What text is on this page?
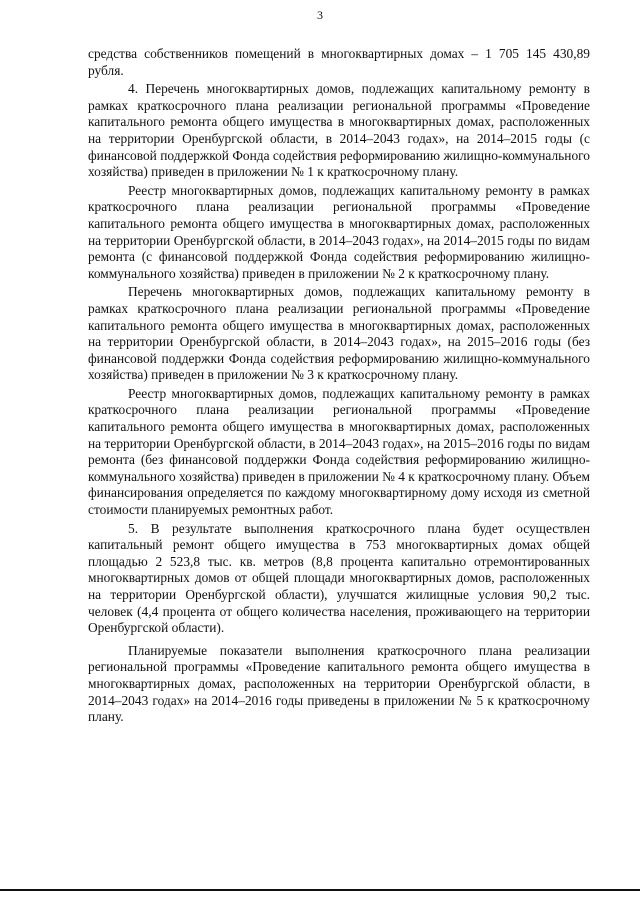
3

средства собственников помещений в многоквартирных домах – 1 705 145 430,89 рубля.

4. Перечень многоквартирных домов, подлежащих капитальному ремонту в рамках краткосрочного плана реализации региональной программы «Проведение капитального ремонта общего имущества в многоквартирных домах, расположенных на территории Оренбургской области, в 2014–2043 годах», на 2014–2015 годы (с финансовой поддержкой Фонда содействия реформированию жилищно-коммунального хозяйства) приведен в приложении № 1 к краткосрочному плану.

Реестр многоквартирных домов, подлежащих капитальному ремонту в рамках краткосрочного плана реализации региональной программы «Проведение капитального ремонта общего имущества в многоквартирных домах, расположенных на территории Оренбургской области, в 2014–2043 годах», на 2014–2015 годы по видам ремонта (с финансовой поддержкой Фонда содействия реформированию жилищно-коммунального хозяйства) приведен в приложении № 2 к краткосрочному плану.

Перечень многоквартирных домов, подлежащих капитальному ремонту в рамках краткосрочного плана реализации региональной программы «Проведение капитального ремонта общего имущества в многоквартирных домах, расположенных на территории Оренбургской области, в 2014–2043 годах», на 2015–2016 годы (без финансовой поддержки Фонда содействия реформированию жилищно-коммунального хозяйства) приведен в приложении № 3 к краткосрочному плану.

Реестр многоквартирных домов, подлежащих капитальному ремонту в рамках краткосрочного плана реализации региональной программы «Проведение капитального ремонта общего имущества в многоквартирных домах, расположенных на территории Оренбургской области, в 2014–2043 годах», на 2015–2016 годы по видам ремонта (без финансовой поддержки Фонда содействия реформированию жилищно-коммунального хозяйства) приведен в приложении № 4 к краткосрочному плану. Объем финансирования определяется по каждому многоквартирному дому исходя из сметной стоимости планируемых ремонтных работ.

5. В результате выполнения краткосрочного плана будет осуществлен капитальный ремонт общего имущества в 753 многоквартирных домах общей площадью 2 523,8 тыс. кв. метров (8,8 процента капитально отремонтированных многоквартирных домов от общей площади многоквартирных домов, расположенных на территории Оренбургской области), улучшатся жилищные условия 90,2 тыс. человек (4,4 процента от общего количества населения, проживающего на территории Оренбургской области).

Планируемые показатели выполнения краткосрочного плана реализации региональной программы «Проведение капитального ремонта общего имущества в многоквартирных домах, расположенных на территории Оренбургской области, в 2014–2043 годах» на 2014–2016 годы приведены в приложении № 5 к краткосрочному плану.
